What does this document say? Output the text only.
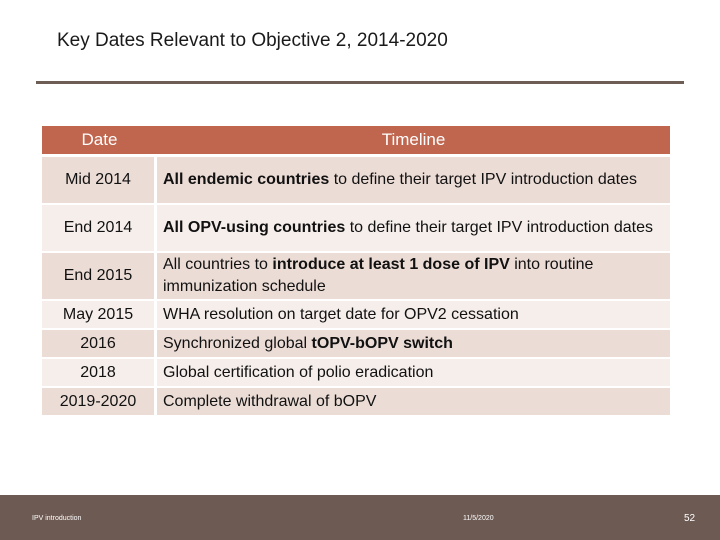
Key Dates Relevant to Objective 2, 2014-2020
Date	Timeline
Mid 2014	All endemic countries to define their target IPV introduction dates
End 2014	All OPV-using countries to define their target IPV introduction dates
End 2015	All countries to introduce at least 1 dose of IPV into routine immunization schedule
May 2015	WHA resolution on target date for OPV2 cessation
2016	Synchronized global tOPV-bOPV switch
2018	Global certification of polio eradication
2019-2020	Complete withdrawal of bOPV
IPV introduction	11/5/2020	52
